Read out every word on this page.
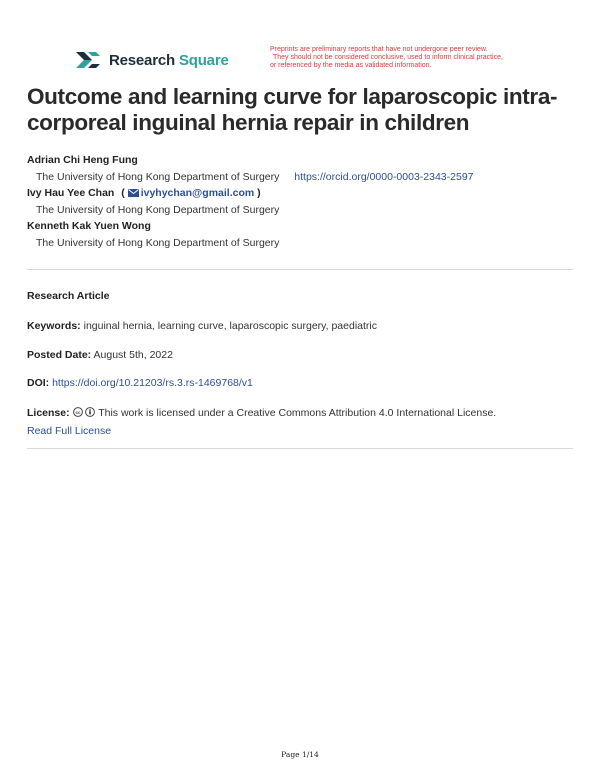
Research Square
Preprints are preliminary reports that have not undergone peer review.
They should not be considered conclusive, used to inform clinical practice,
or referenced by the media as validated information.
Outcome and learning curve for laparoscopic intra-
corporeal inguinal hernia repair in children
Adrian Chi Heng Fung
The University of Hong Kong Department of Surgery https://orcid.org/0000-0003-2343-2597
Ivy Hau Yee Chan ( ivyhychan@gmail.com )
The University of Hong Kong Department of Surgery
Kenneth Kak Yuen Wong
The University of Hong Kong Department of Surgery
Research Article
Keywords: inguinal hernia, learning curve, laparoscopic surgery, paediatric
Posted Date: August 5th, 2022
DOI: https://doi.org/10.21203/rs.3.rs-1469768/v1
License: cc This work is licensed under a Creative Commons Attribution 4.0 International License.
Read Full License
Page 1/14
